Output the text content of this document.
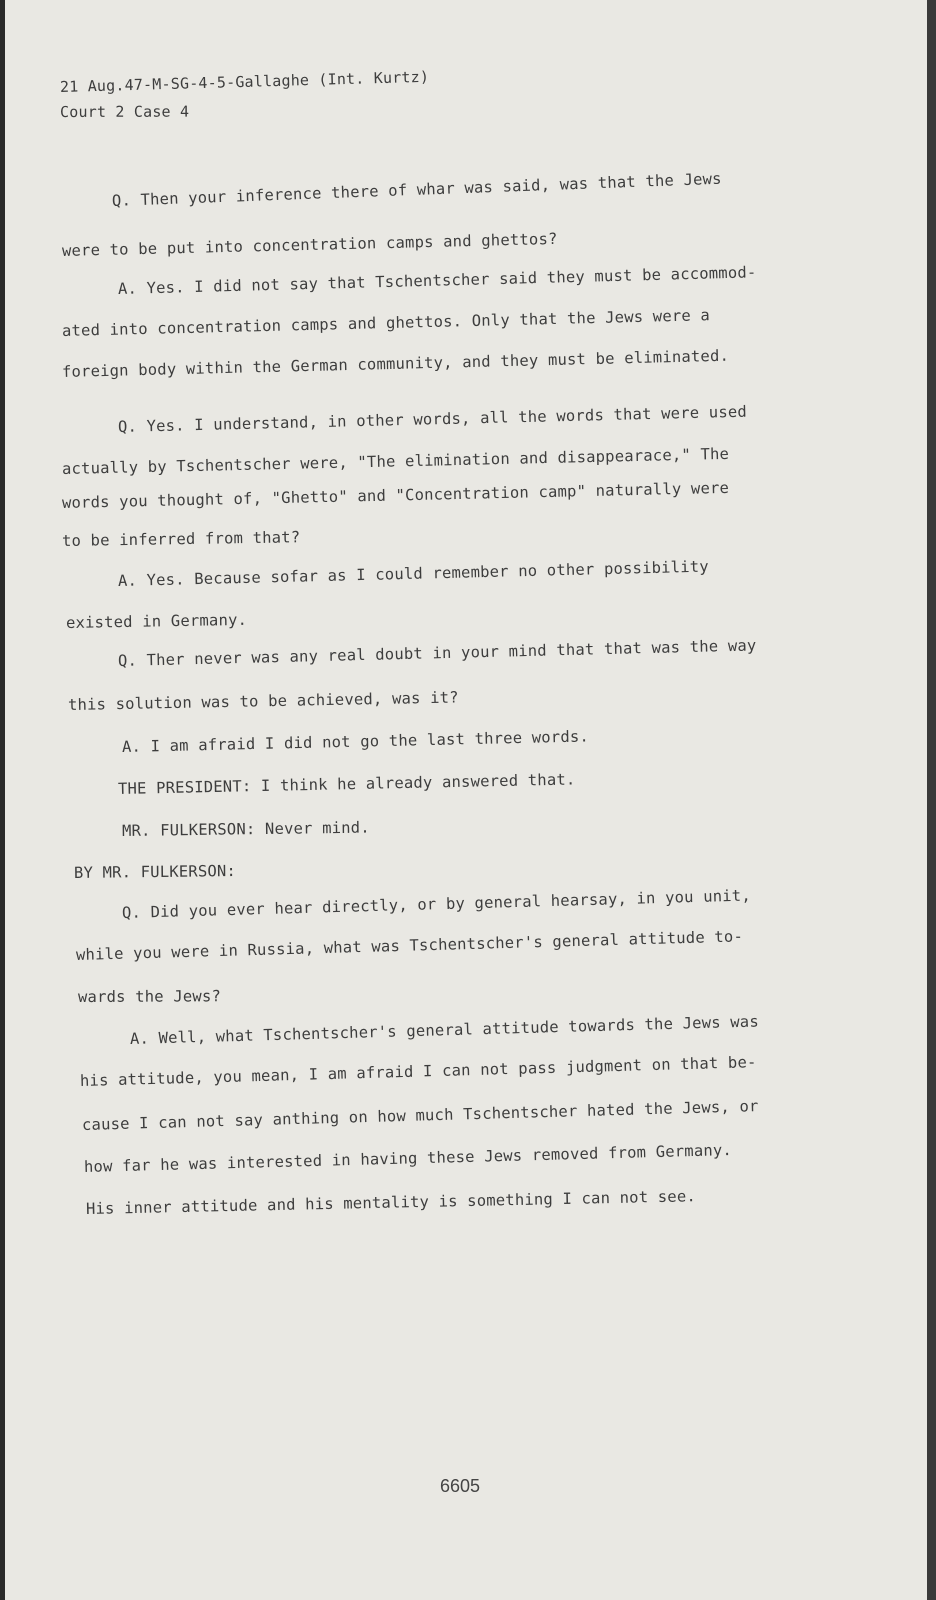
21 Aug.47-M-SG-4-5-Gallaghe (Int. Kurtz)
Court 2 Case 4
Q. Then your inference there of whar was said, was that the Jews
were to be put into concentration camps and ghettos?
A. Yes. I did not say that Tschentscher said they must be accommod-
ated into concentration camps and ghettos. Only that the Jews were a
foreign body within the German community, and they must be eliminated.
Q. Yes. I understand, in other words, all the words that were used
actually by Tschentscher were, "The elimination and disappearace," The
words you thought of, "Ghetto" and "Concentration camp" naturally were
to be inferred from that?
A. Yes. Because sofar as I could remember no other possibility
existed in Germany.
Q. Ther never was any real doubt in your mind that that was the way
this solution was to be achieved, was it?
A. I am afraid I did not go the last three words.
THE PRESIDENT: I think he already answered that.
MR. FULKERSON: Never mind.
BY MR. FULKERSON:
Q. Did you ever hear directly, or by general hearsay, in you unit,
while you were in Russia, what was Tschentscher's general attitude to-
wards the Jews?
A. Well, what Tschentscher's general attitude towards the Jews was
his attitude, you mean, I am afraid I can not pass judgment on that be-
cause I can not say anthing on how much Tschentscher hated the Jews, or
how far he was interested in having these Jews removed from Germany.
His inner attitude and his mentality is something I can not see.
6605
